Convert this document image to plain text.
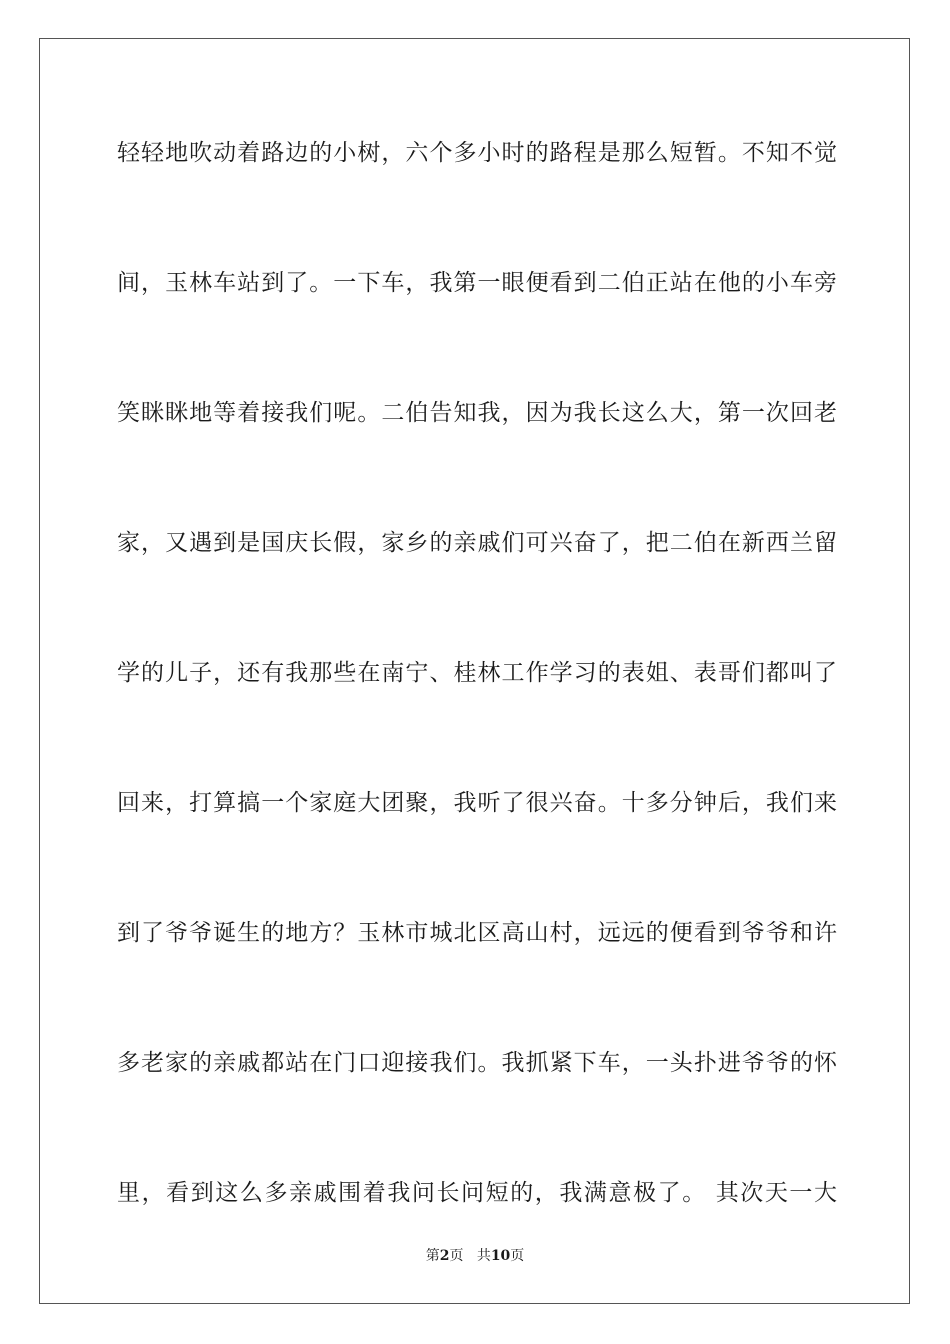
轻轻地吹动着路边的小树，六个多小时的路程是那么短暂。不知不觉
间，玉林车站到了。一下车，我第一眼便看到二伯正站在他的小车旁
笑眯眯地等着接我们呢。二伯告知我，因为我长这么大，第一次回老
家，又遇到是国庆长假，家乡的亲戚们可兴奋了，把二伯在新西兰留
学的儿子，还有我那些在南宁、桂林工作学习的表姐、表哥们都叫了
回来，打算搞一个家庭大团聚，我听了很兴奋。十多分钟后，我们来
到了爷爷诞生的地方？玉林市城北区高山村，远远的便看到爷爷和许
多老家的亲戚都站在门口迎接我们。我抓紧下车，一头扑进爷爷的怀
里，看到这么多亲戚围着我问长问短的，我满意极了。 其次天一大
第2页 共10页
